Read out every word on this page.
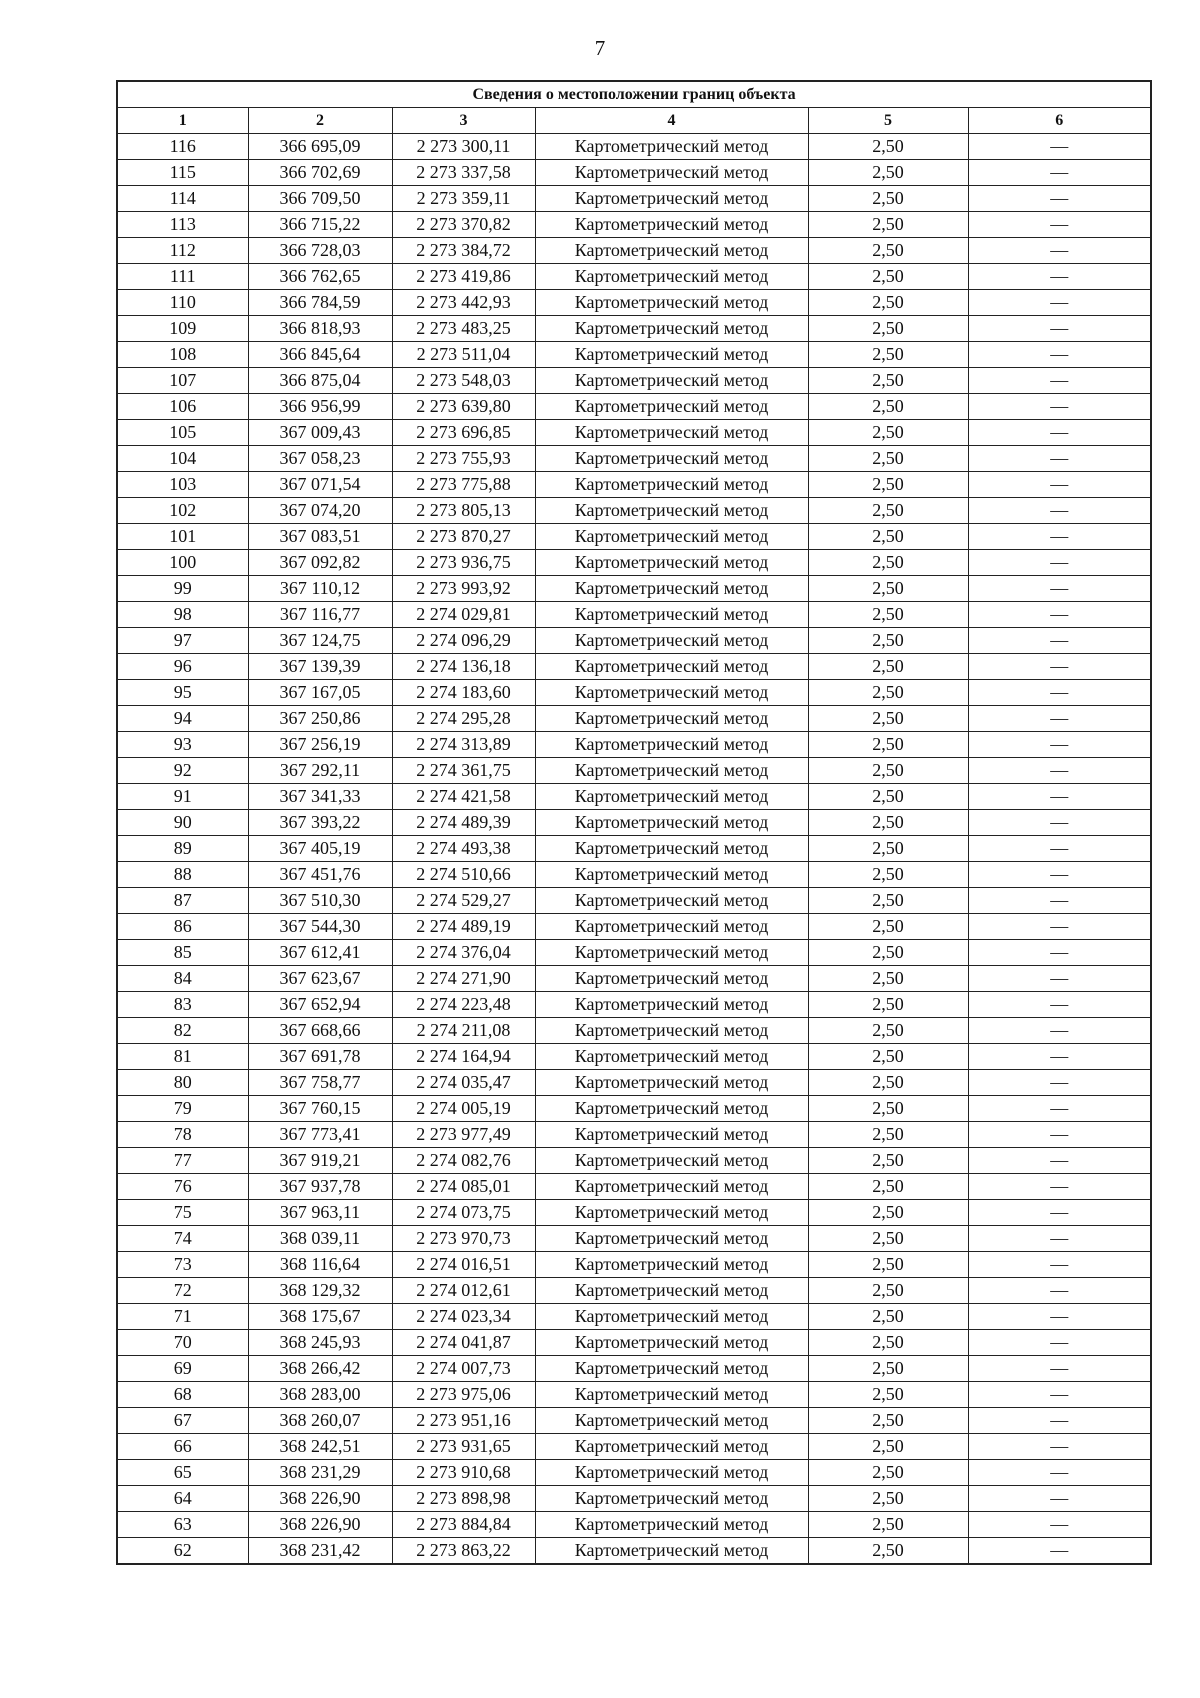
7
Сведения о местоположении границ объекта					
1	2	3	4	5	6
116	366 695,09	2 273 300,11	Картометрический метод	2,50	—
115	366 702,69	2 273 337,58	Картометрический метод	2,50	—
114	366 709,50	2 273 359,11	Картометрический метод	2,50	—
113	366 715,22	2 273 370,82	Картометрический метод	2,50	—
112	366 728,03	2 273 384,72	Картометрический метод	2,50	—
111	366 762,65	2 273 419,86	Картометрический метод	2,50	—
110	366 784,59	2 273 442,93	Картометрический метод	2,50	—
109	366 818,93	2 273 483,25	Картометрический метод	2,50	—
108	366 845,64	2 273 511,04	Картометрический метод	2,50	—
107	366 875,04	2 273 548,03	Картометрический метод	2,50	—
106	366 956,99	2 273 639,80	Картометрический метод	2,50	—
105	367 009,43	2 273 696,85	Картометрический метод	2,50	—
104	367 058,23	2 273 755,93	Картометрический метод	2,50	—
103	367 071,54	2 273 775,88	Картометрический метод	2,50	—
102	367 074,20	2 273 805,13	Картометрический метод	2,50	—
101	367 083,51	2 273 870,27	Картометрический метод	2,50	—
100	367 092,82	2 273 936,75	Картометрический метод	2,50	—
99	367 110,12	2 273 993,92	Картометрический метод	2,50	—
98	367 116,77	2 274 029,81	Картометрический метод	2,50	—
97	367 124,75	2 274 096,29	Картометрический метод	2,50	—
96	367 139,39	2 274 136,18	Картометрический метод	2,50	—
95	367 167,05	2 274 183,60	Картометрический метод	2,50	—
94	367 250,86	2 274 295,28	Картометрический метод	2,50	—
93	367 256,19	2 274 313,89	Картометрический метод	2,50	—
92	367 292,11	2 274 361,75	Картометрический метод	2,50	—
91	367 341,33	2 274 421,58	Картометрический метод	2,50	—
90	367 393,22	2 274 489,39	Картометрический метод	2,50	—
89	367 405,19	2 274 493,38	Картометрический метод	2,50	—
88	367 451,76	2 274 510,66	Картометрический метод	2,50	—
87	367 510,30	2 274 529,27	Картометрический метод	2,50	—
86	367 544,30	2 274 489,19	Картометрический метод	2,50	—
85	367 612,41	2 274 376,04	Картометрический метод	2,50	—
84	367 623,67	2 274 271,90	Картометрический метод	2,50	—
83	367 652,94	2 274 223,48	Картометрический метод	2,50	—
82	367 668,66	2 274 211,08	Картометрический метод	2,50	—
81	367 691,78	2 274 164,94	Картометрический метод	2,50	—
80	367 758,77	2 274 035,47	Картометрический метод	2,50	—
79	367 760,15	2 274 005,19	Картометрический метод	2,50	—
78	367 773,41	2 273 977,49	Картометрический метод	2,50	—
77	367 919,21	2 274 082,76	Картометрический метод	2,50	—
76	367 937,78	2 274 085,01	Картометрический метод	2,50	—
75	367 963,11	2 274 073,75	Картометрический метод	2,50	—
74	368 039,11	2 273 970,73	Картометрический метод	2,50	—
73	368 116,64	2 274 016,51	Картометрический метод	2,50	—
72	368 129,32	2 274 012,61	Картометрический метод	2,50	—
71	368 175,67	2 274 023,34	Картометрический метод	2,50	—
70	368 245,93	2 274 041,87	Картометрический метод	2,50	—
69	368 266,42	2 274 007,73	Картометрический метод	2,50	—
68	368 283,00	2 273 975,06	Картометрический метод	2,50	—
67	368 260,07	2 273 951,16	Картометрический метод	2,50	—
66	368 242,51	2 273 931,65	Картометрический метод	2,50	—
65	368 231,29	2 273 910,68	Картометрический метод	2,50	—
64	368 226,90	2 273 898,98	Картометрический метод	2,50	—
63	368 226,90	2 273 884,84	Картометрический метод	2,50	—
62	368 231,42	2 273 863,22	Картометрический метод	2,50	—
